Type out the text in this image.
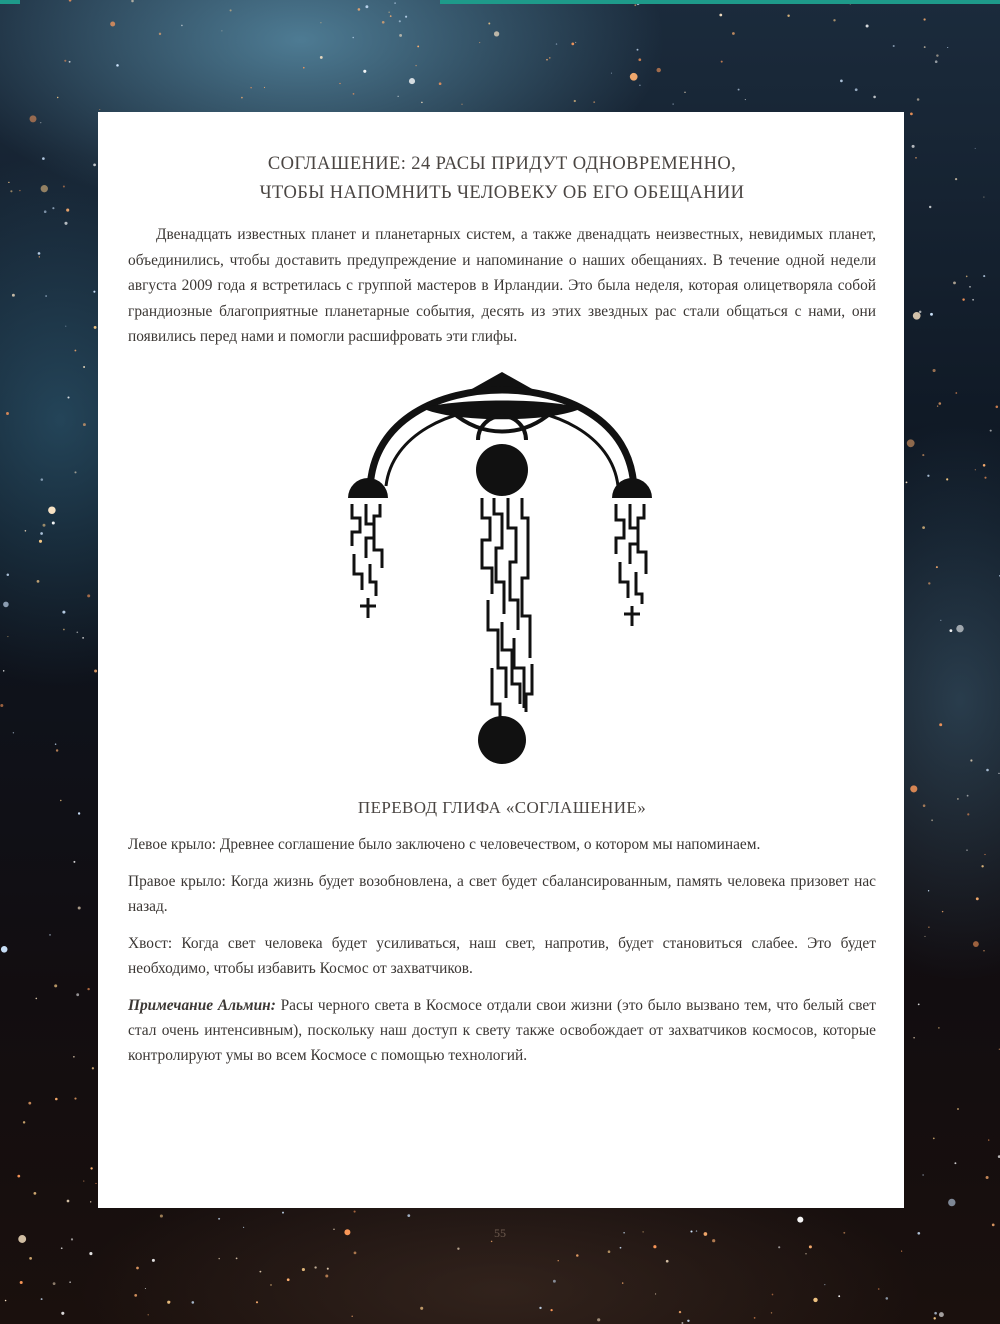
СОГЛАШЕНИЕ: 24 РАСЫ ПРИДУТ ОДНОВРЕМЕННО,
ЧТОБЫ НАПОМНИТЬ ЧЕЛОВЕКУ ОБ ЕГО ОБЕЩАНИИ

Двенадцать известных планет и планетарных систем, а также двенадцать неизвестных, невидимых планет, объединились, чтобы доставить предупреждение и напоминание о наших обещаниях. В течение одной недели августа 2009 года я встретилась с группой мастеров в Ирландии. Это была неделя, которая олицетворяла собой грандиозные благоприятные планетарные события, десять из этих звездных рас стали общаться с нами, они появились перед нами и помогли расшифровать эти глифы.

ПЕРЕВОД ГЛИФА «СОГЛАШЕНИЕ»

Левое крыло: Древнее соглашение было заключено с человечеством, о котором мы напоминаем.

Правое крыло: Когда жизнь будет возобновлена, а свет будет сбалансированным, память человека призовет нас назад.

Хвост: Когда свет человека будет усиливаться, наш свет, напротив, будет становиться слабее. Это будет необходимо, чтобы избавить Космос от захватчиков.

Примечание Альмин: Расы черного света в Космосе отдали свои жизни (это было вызвано тем, что белый свет стал очень интенсивным), поскольку наш доступ к свету также освобождает от захватчиков космосов, которые контролируют умы во всем Космосе с помощью технологий.

55
